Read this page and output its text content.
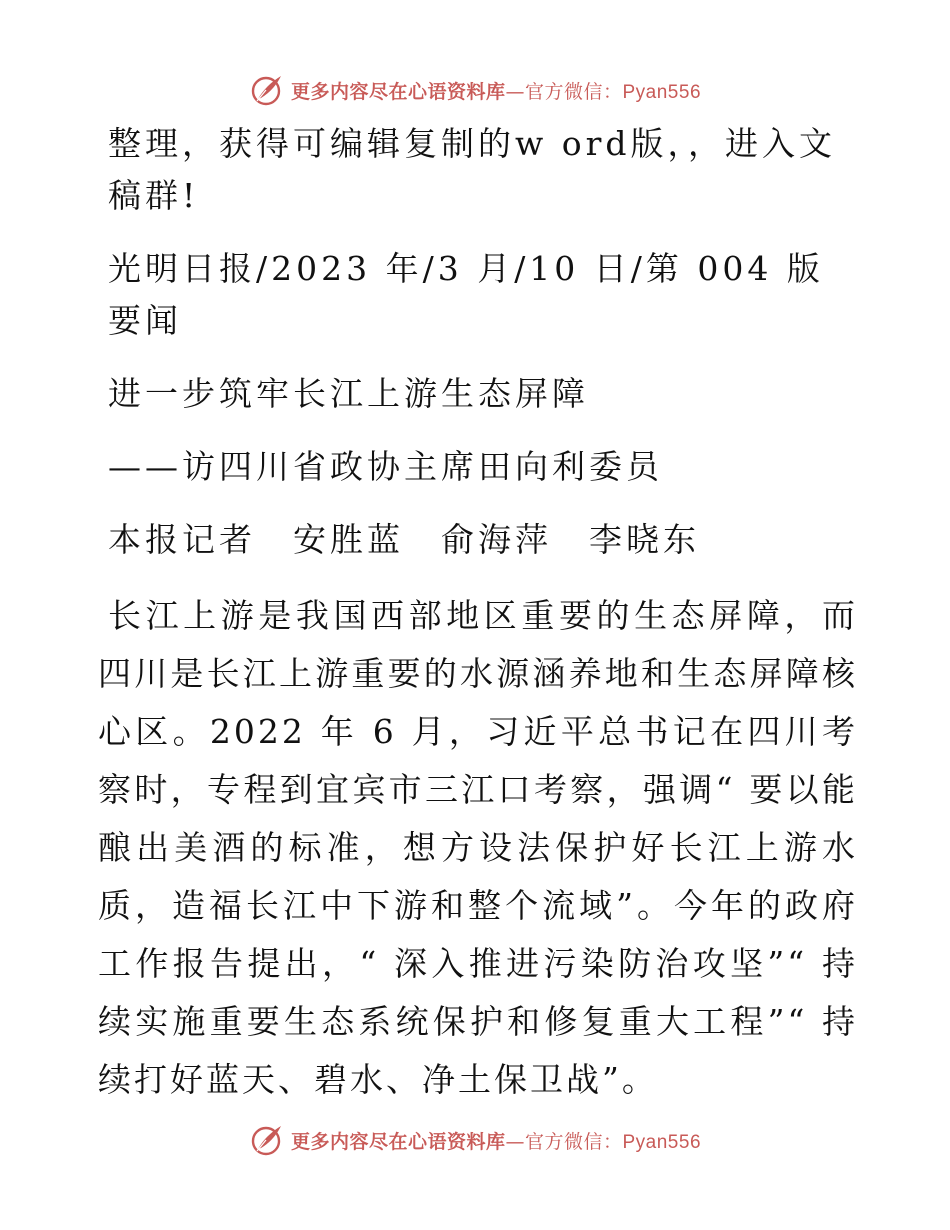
更多内容尽在心语资料库—官方微信：Pyan556

整理，获得可编辑复制的w ord版，，进入文稿群!

光明日报/2023 年/3 月/10 日/第 004 版要闻

进一步筑牢长江上游生态屏障

——访四川省政协主席田向利委员

本报记者　安胜蓝　俞海萍　李晓东

长江上游是我国西部地区重要的生态屏障，而四川是长江上游重要的水源涵养地和生态屏障核心区。2022 年 6 月，习近平总书记在四川考察时，专程到宜宾市三江口考察，强调“ 要以能酿出美酒的标准，想方设法保护好长江上游水质，造福长江中下游和整个流域”。今年的政府工作报告提出，“ 深入推进污染防治攻坚”“ 持续实施重要生态系统保护和修复重大工程”“ 持续打好蓝天、碧水、净土保卫战”。

更多内容尽在心语资料库—官方微信：Pyan556
